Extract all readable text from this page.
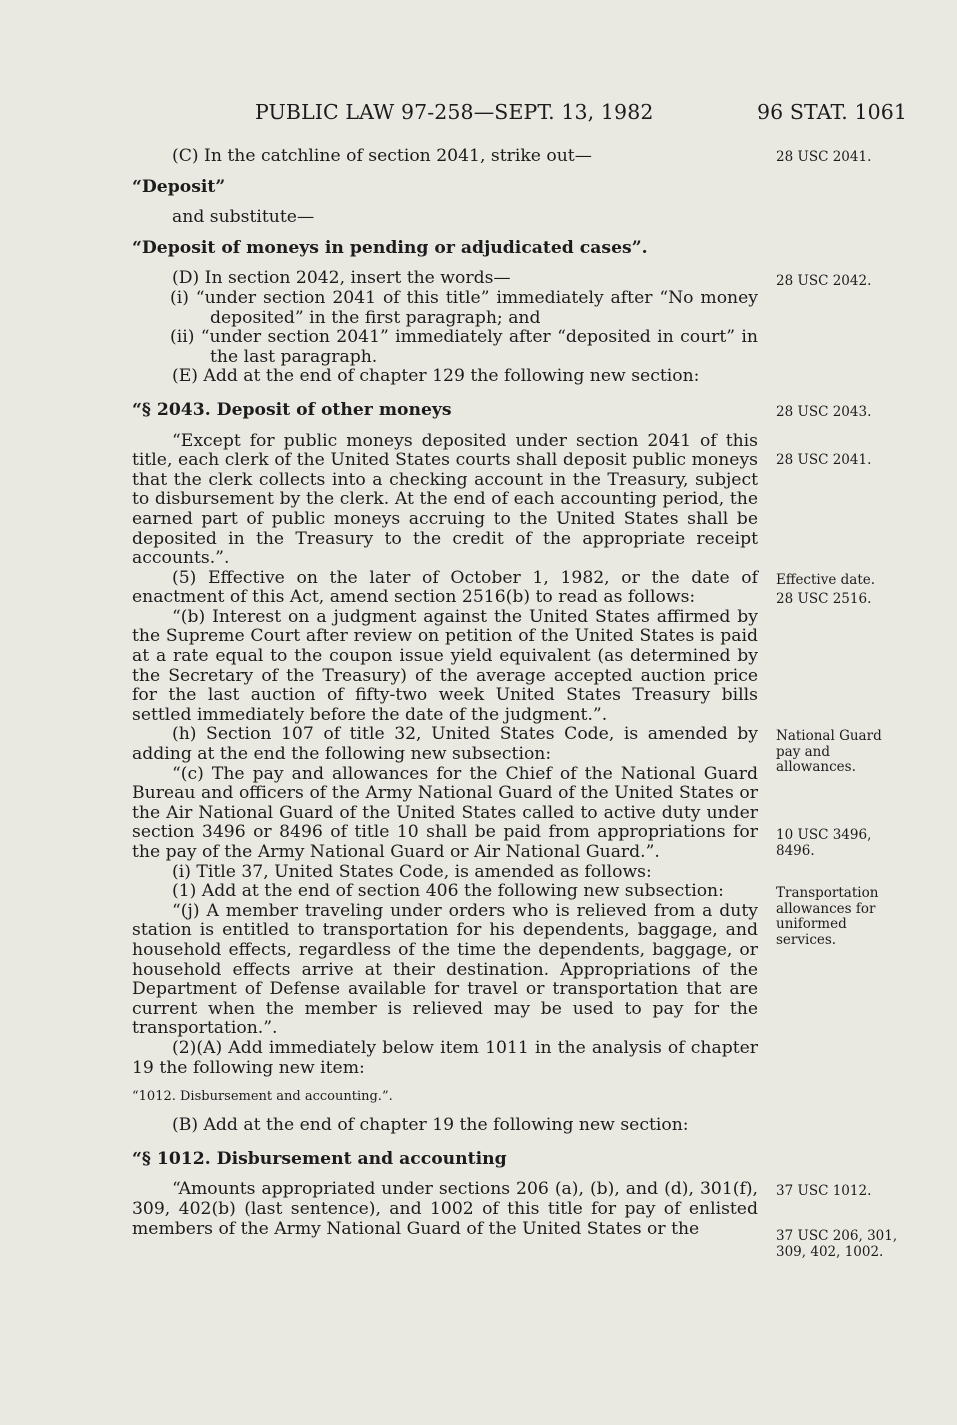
PUBLIC LAW 97-258—SEPT. 13, 1982	96 STAT. 1061

(C) In the catchline of section 2041, strike out—

“Deposit”

and substitute—

“Deposit of moneys in pending or adjudicated cases”.

(D) In section 2042, insert the words—

(i) “under section 2041 of this title” immediately after “No money deposited” in the first paragraph; and

(ii) “under section 2041” immediately after “deposited in court” in the last paragraph.

(E) Add at the end of chapter 129 the following new section:

“§ 2043. Deposit of other moneys

“Except for public moneys deposited under section 2041 of this title, each clerk of the United States courts shall deposit public moneys that the clerk collects into a checking account in the Treasury, subject to disbursement by the clerk. At the end of each accounting period, the earned part of public moneys accruing to the United States shall be deposited in the Treasury to the credit of the appropriate receipt accounts.”.

(5) Effective on the later of October 1, 1982, or the date of enactment of this Act, amend section 2516(b) to read as follows:

“(b) Interest on a judgment against the United States affirmed by the Supreme Court after review on petition of the United States is paid at a rate equal to the coupon issue yield equivalent (as determined by the Secretary of the Treasury) of the average accepted auction price for the last auction of fifty-two week United States Treasury bills settled immediately before the date of the judgment.”.

(h) Section 107 of title 32, United States Code, is amended by adding at the end the following new subsection:

“(c) The pay and allowances for the Chief of the National Guard Bureau and officers of the Army National Guard of the United States or the Air National Guard of the United States called to active duty under section 3496 or 8496 of title 10 shall be paid from appropriations for the pay of the Army National Guard or Air National Guard.”.

(i) Title 37, United States Code, is amended as follows:

(1) Add at the end of section 406 the following new subsection:

“(j) A member traveling under orders who is relieved from a duty station is entitled to transportation for his dependents, baggage, and household effects, regardless of the time the dependents, baggage, or household effects arrive at their destination. Appropriations of the Department of Defense available for travel or transportation that are current when the member is relieved may be used to pay for the transportation.”.

(2)(A) Add immediately below item 1011 in the analysis of chapter 19 the following new item:

“1012. Disbursement and accounting.”.

(B) Add at the end of chapter 19 the following new section:

“§ 1012. Disbursement and accounting

“Amounts appropriated under sections 206 (a), (b), and (d), 301(f), 309, 402(b) (last sentence), and 1002 of this title for pay of enlisted members of the Army National Guard of the United States or the

28 USC 2041.
28 USC 2042.
28 USC 2043.
28 USC 2041.
Effective date.
28 USC 2516.
National Guard pay and allowances.
10 USC 3496, 8496.
Transportation allowances for uniformed services.
37 USC 1012.
37 USC 206, 301, 309, 402, 1002.
